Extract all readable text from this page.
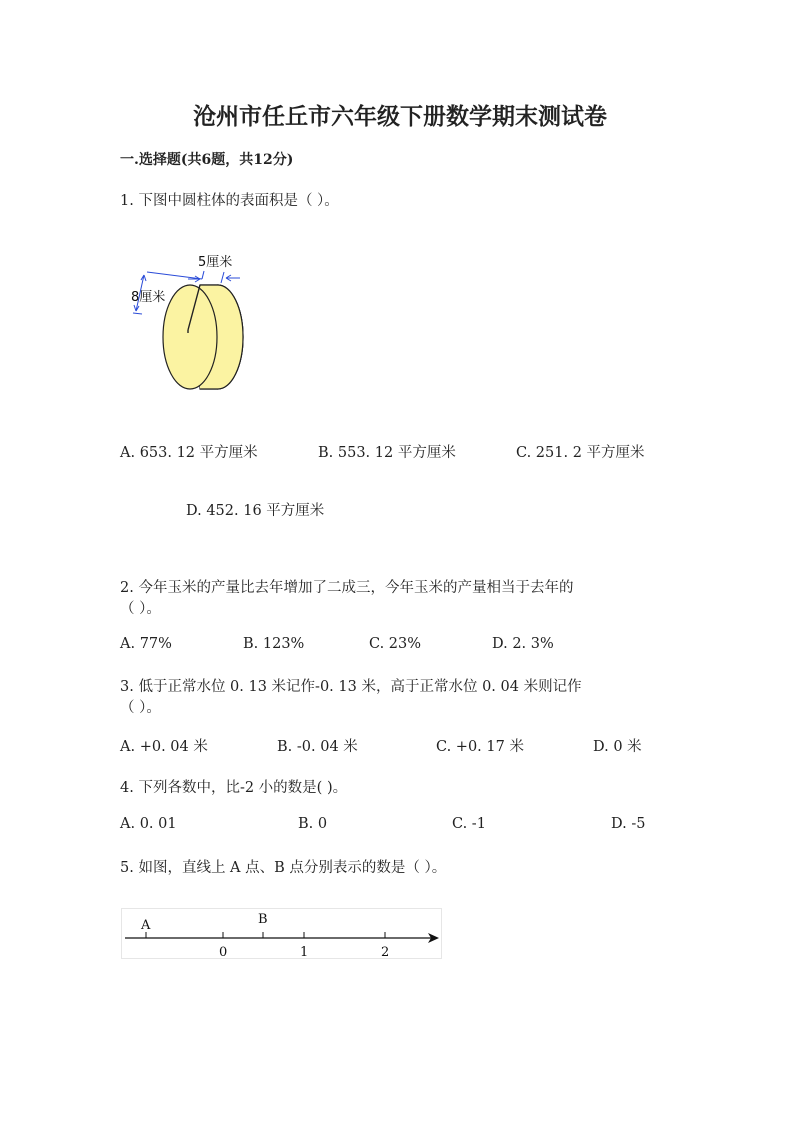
沧州市任丘市六年级下册数学期末测试卷
一.选择题(共6题，共12分)
1. 下图中圆柱体的表面积是（ ）。
5厘米
8厘米
A. 653. 12 平方厘米	B. 553. 12 平方厘米	C. 251. 2 平方厘米
D. 452. 16 平方厘米
2. 今年玉米的产量比去年增加了二成三，今年玉米的产量相当于去年的
（ ）。
A. 77%	B. 123%	C. 23%	D. 2. 3%
3. 低于正常水位 0. 13 米记作-0. 13 米，高于正常水位 0. 04 米则记作
（ ）。
A. +0. 04 米	B. -0. 04 米	C. +0. 17 米	D. 0 米
4. 下列各数中，比-2 小的数是( )。
A. 0. 01	B. 0	C. -1	D. -5
5. 如图，直线上 A 点、B 点分别表示的数是（ ）。
A	B
0	1	2
